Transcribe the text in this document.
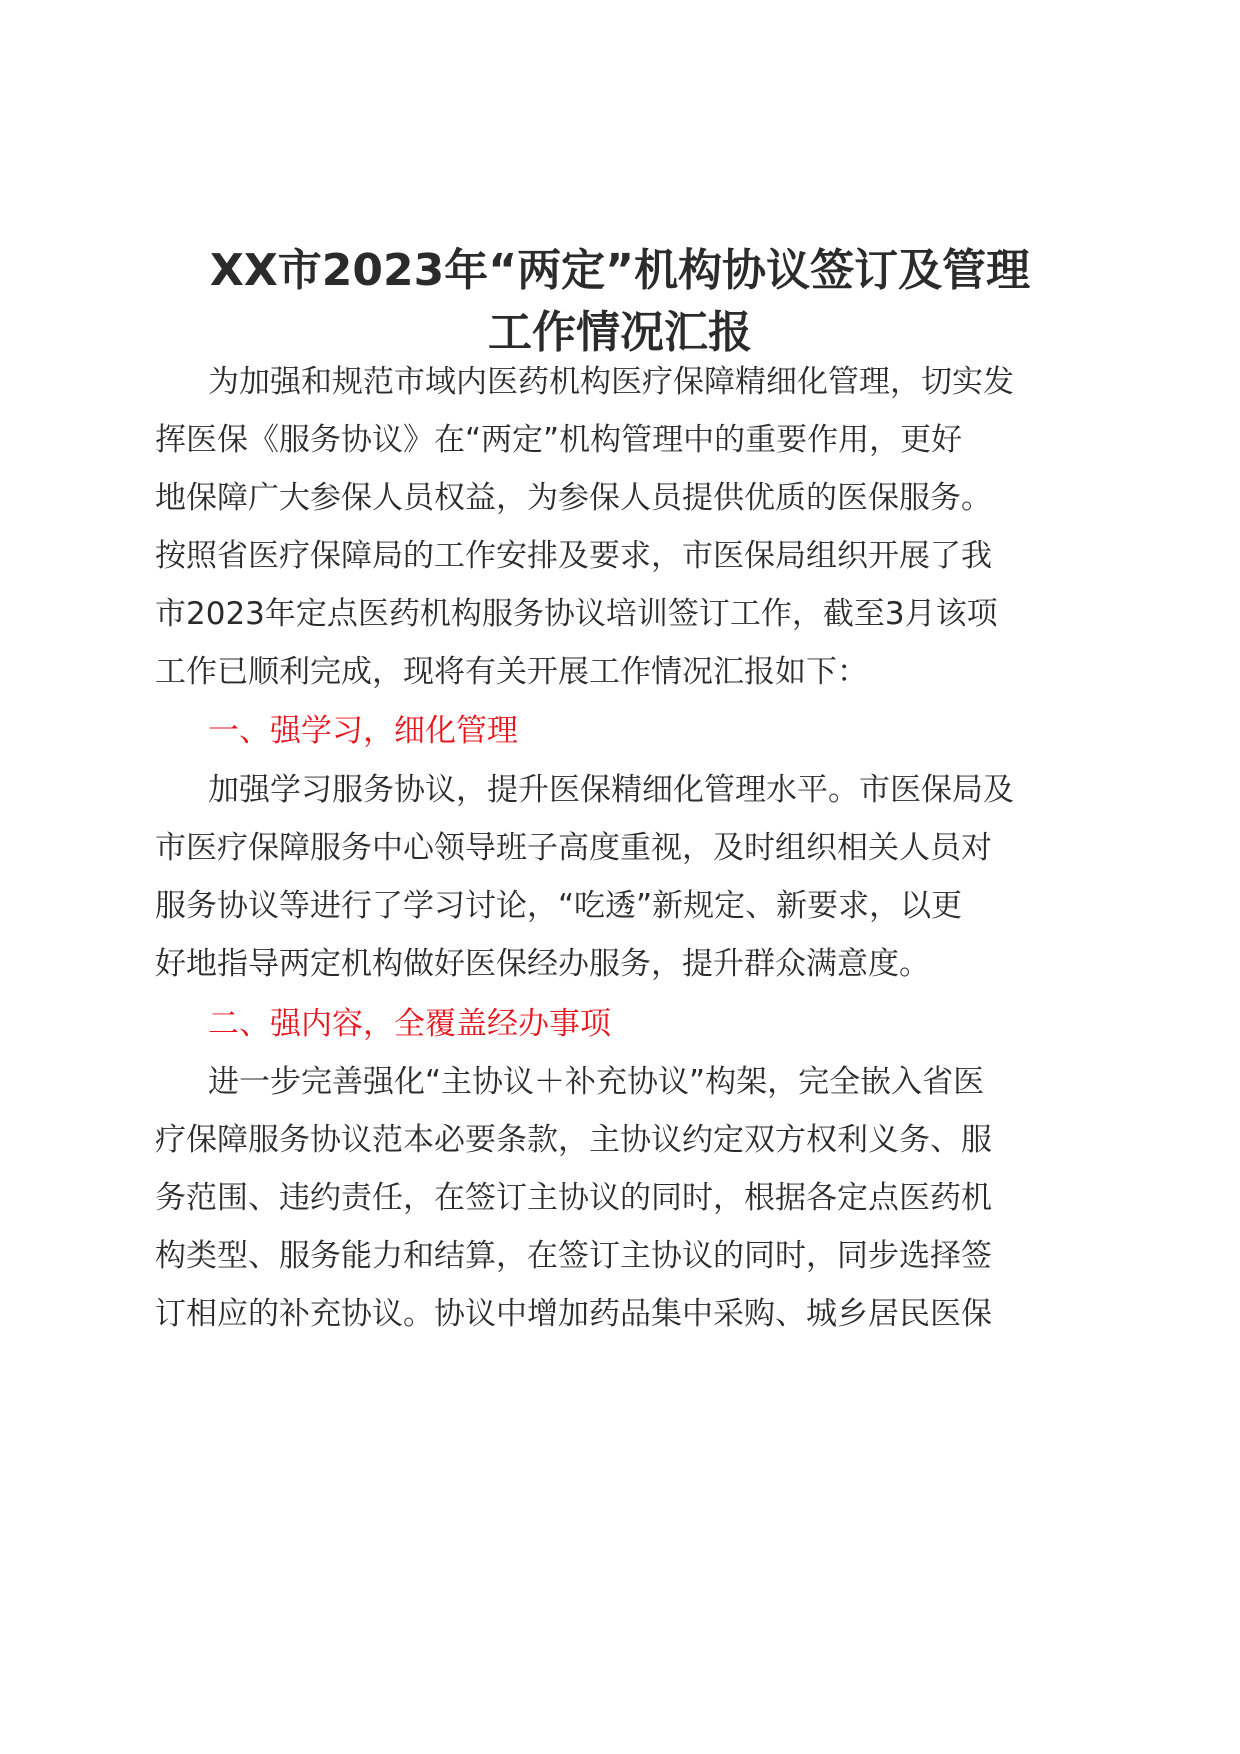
XX市2023年“两定”机构协议签订及管理
工作情况汇报
为加强和规范市域内医药机构医疗保障精细化管理，切实发
挥医保《服务协议》在“两定”机构管理中的重要作用，更好
地保障广大参保人员权益，为参保人员提供优质的医保服务。
按照省医疗保障局的工作安排及要求，市医保局组织开展了我
市2023年定点医药机构服务协议培训签订工作，截至3月该项
工作已顺利完成，现将有关开展工作情况汇报如下：
一、强学习，细化管理
加强学习服务协议，提升医保精细化管理水平。市医保局及
市医疗保障服务中心领导班子高度重视，及时组织相关人员对
服务协议等进行了学习讨论，“吃透”新规定、新要求，以更
好地指导两定机构做好医保经办服务，提升群众满意度。
二、强内容，全覆盖经办事项
进一步完善强化“主协议＋补充协议”构架，完全嵌入省医
疗保障服务协议范本必要条款，主协议约定双方权利义务、服
务范围、违约责任，在签订主协议的同时，根据各定点医药机
构类型、服务能力和结算，在签订主协议的同时，同步选择签
订相应的补充协议。协议中增加药品集中采购、城乡居民医保
